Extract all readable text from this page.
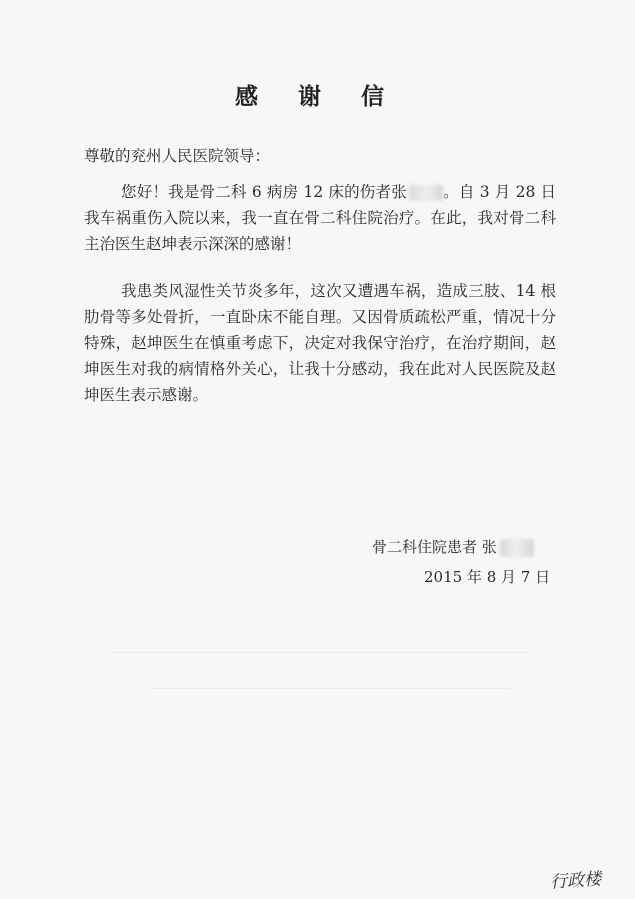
感 谢 信
尊敬的兖州人民医院领导：
您好！我是骨二科 6 病房 12 床的伤者张 。自 3 月 28 日我车祸重伤入院以来，我一直在骨二科住院治疗。在此，我对骨二科主治医生赵坤表示深深的感谢！
我患类风湿性关节炎多年，这次又遭遇车祸，造成三肢、14 根肋骨等多处骨折，一直卧床不能自理。又因骨质疏松严重，情况十分特殊，赵坤医生在慎重考虑下，决定对我保守治疗，在治疗期间，赵坤医生对我的病情格外关心，让我十分感动，我在此对人民医院及赵坤医生表示感谢。
骨二科住院患者 张
2015 年 8 月 7 日
行政楼
